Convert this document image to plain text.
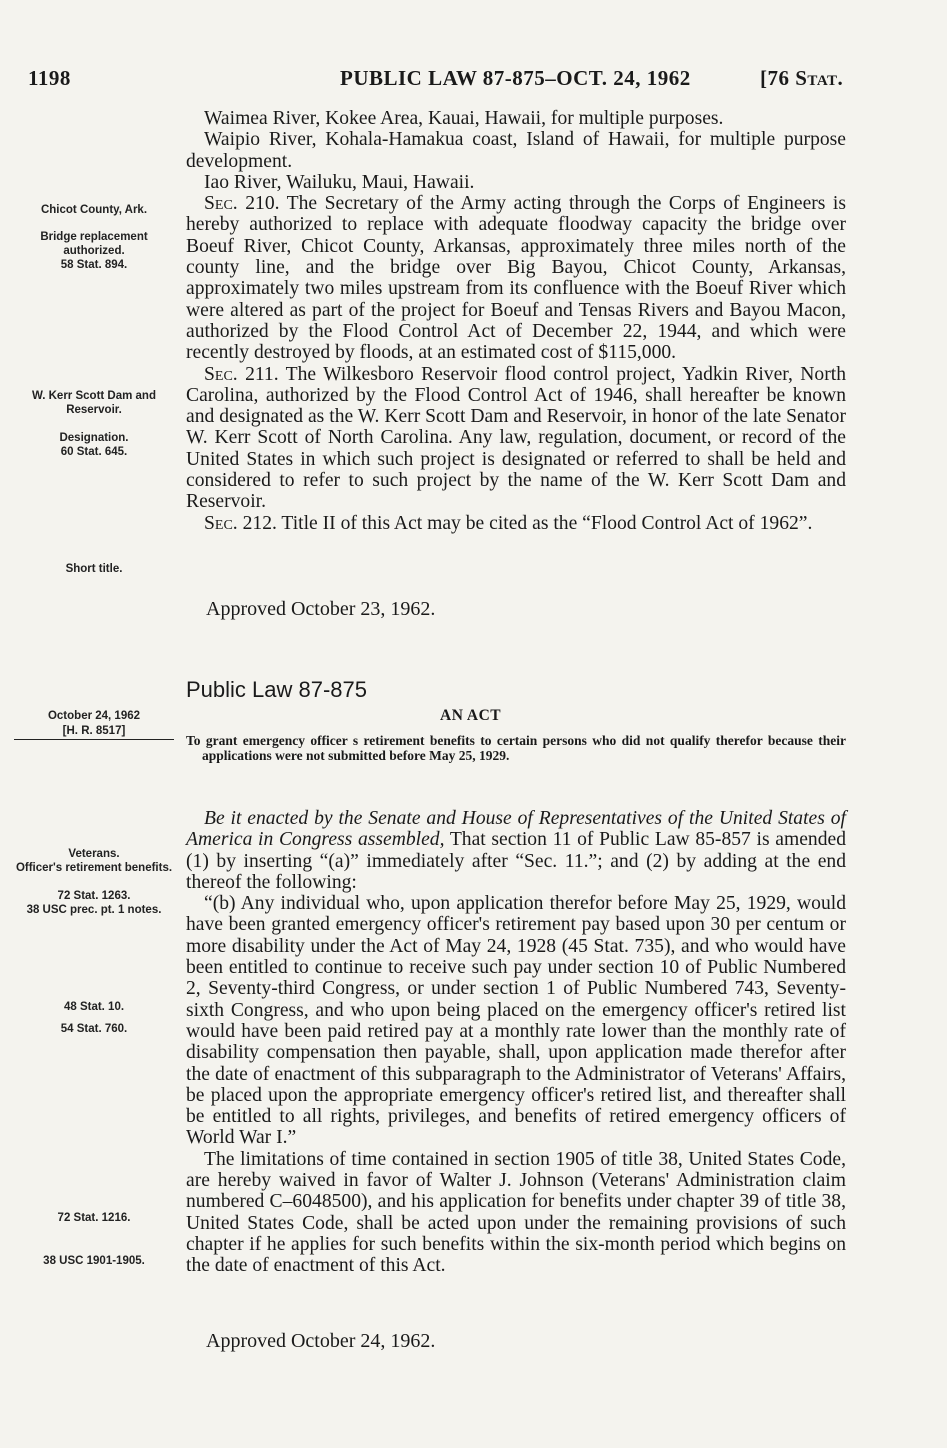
1198	PUBLIC LAW 87-875–OCT. 24, 1962	[76 Stat.
Chicot County, Ark.
Bridge replacement authorized.
58 Stat. 894.
W. Kerr Scott Dam and Reservoir.
Designation.
60 Stat. 645.
Short title.
October 24, 1962
[H. R. 8517]
Veterans.
Officer's retirement benefits.
72 Stat. 1263.
38 USC prec. pt. 1 notes.
48 Stat. 10.
54 Stat. 760.
72 Stat. 1216.
38 USC 1901-1905.

Waimea River, Kokee Area, Kauai, Hawaii, for multiple purposes.

Waipio River, Kohala-Hamakua coast, Island of Hawaii, for multiple purpose development.

Iao River, Wailuku, Maui, Hawaii.

Sec. 210. The Secretary of the Army acting through the Corps of Engineers is hereby authorized to replace with adequate floodway capacity the bridge over Boeuf River, Chicot County, Arkansas, approximately three miles north of the county line, and the bridge over Big Bayou, Chicot County, Arkansas, approximately two miles upstream from its confluence with the Boeuf River which were altered as part of the project for Boeuf and Tensas Rivers and Bayou Macon, authorized by the Flood Control Act of December 22, 1944, and which were recently destroyed by floods, at an estimated cost of $115,000.

Sec. 211. The Wilkesboro Reservoir flood control project, Yadkin River, North Carolina, authorized by the Flood Control Act of 1946, shall hereafter be known and designated as the W. Kerr Scott Dam and Reservoir, in honor of the late Senator W. Kerr Scott of North Carolina. Any law, regulation, document, or record of the United States in which such project is designated or referred to shall be held and considered to refer to such project by the name of the W. Kerr Scott Dam and Reservoir.

Sec. 212. Title II of this Act may be cited as the “Flood Control Act of 1962”.

Approved October 23, 1962.
Public Law 87-875
AN ACT
To grant emergency officer s retirement benefits to certain persons who did not qualify therefor because their applications were not submitted before May 25, 1929.

Be it enacted by the Senate and House of Representatives of the United States of America in Congress assembled, That section 11 of Public Law 85-857 is amended (1) by inserting “(a)” immediately after “Sec. 11.”; and (2) by adding at the end thereof the following:

“(b) Any individual who, upon application therefor before May 25, 1929, would have been granted emergency officer's retirement pay based upon 30 per centum or more disability under the Act of May 24, 1928 (45 Stat. 735), and who would have been entitled to continue to receive such pay under section 10 of Public Numbered 2, Seventy-third Congress, or under section 1 of Public Numbered 743, Seventy-sixth Congress, and who upon being placed on the emergency officer's retired list would have been paid retired pay at a monthly rate lower than the monthly rate of disability compensation then payable, shall, upon application made therefor after the date of enactment of this subparagraph to the Administrator of Veterans' Affairs, be placed upon the appropriate emergency officer's retired list, and thereafter shall be entitled to all rights, privileges, and benefits of retired emergency officers of World War I.”

The limitations of time contained in section 1905 of title 38, United States Code, are hereby waived in favor of Walter J. Johnson (Veterans' Administration claim numbered C–6048500), and his application for benefits under chapter 39 of title 38, United States Code, shall be acted upon under the remaining provisions of such chapter if he applies for such benefits within the six-month period which begins on the date of enactment of this Act.

Approved October 24, 1962.
